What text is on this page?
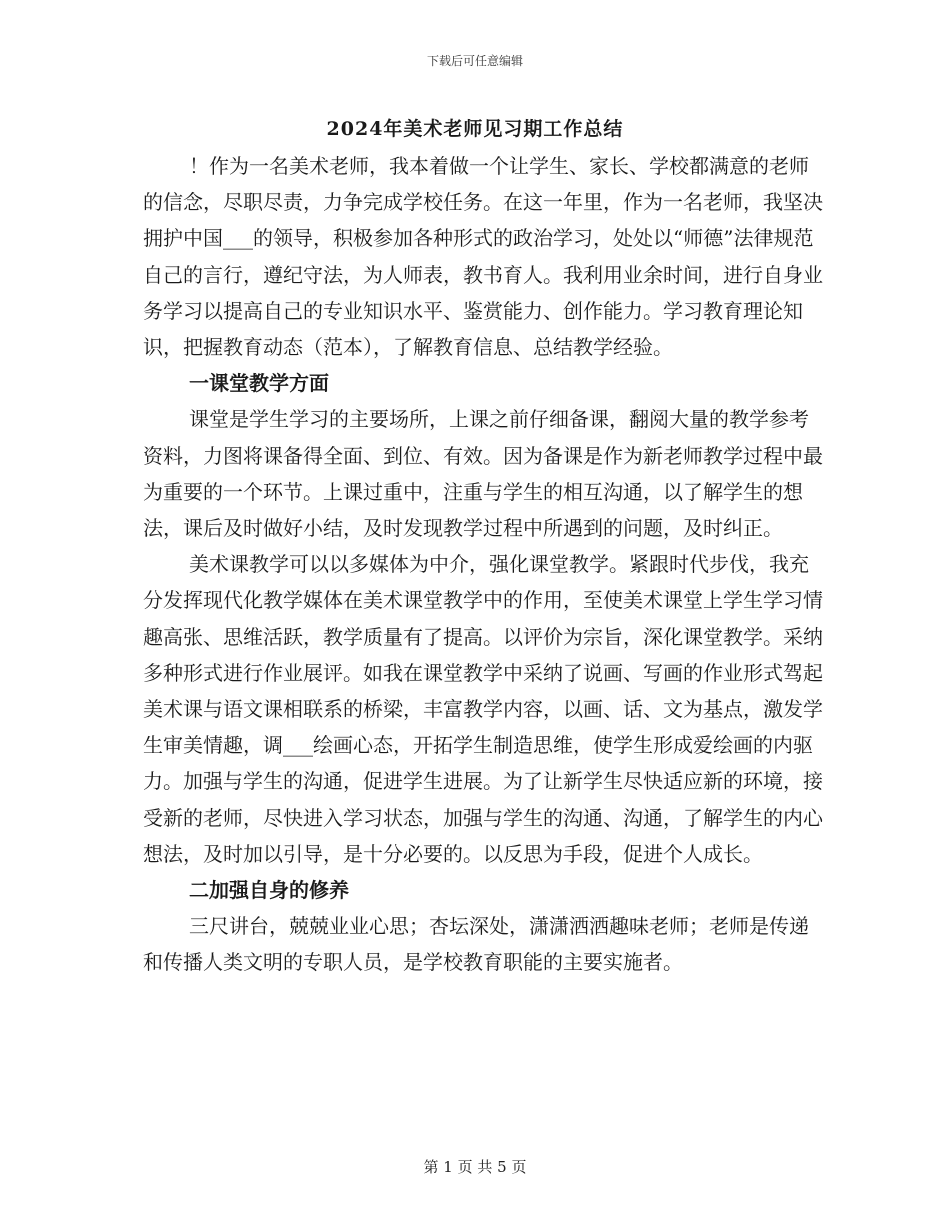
下载后可任意编辑
2024年美术老师见习期工作总结

！作为一名美术老师，我本着做一个让学生、家长、学校都满意的老师的信念，尽职尽责，力争完成学校任务。在这一年里，作为一名老师，我坚决拥护中国___的领导，积极参加各种形式的政治学习，处处以“师德”法律规范自己的言行，遵纪守法，为人师表，教书育人。我利用业余时间，进行自身业务学习以提高自己的专业知识水平、鉴赏能力、创作能力。学习教育理论知识，把握教育动态（范本），了解教育信息、总结教学经验。

一课堂教学方面

课堂是学生学习的主要场所，上课之前仔细备课，翻阅大量的教学参考资料，力图将课备得全面、到位、有效。因为备课是作为新老师教学过程中最为重要的一个环节。上课过重中，注重与学生的相互沟通，以了解学生的想法，课后及时做好小结，及时发现教学过程中所遇到的问题，及时纠正。

美术课教学可以以多媒体为中介，强化课堂教学。紧跟时代步伐，我充分发挥现代化教学媒体在美术课堂教学中的作用，至使美术课堂上学生学习情趣高张、思维活跃，教学质量有了提高。以评价为宗旨，深化课堂教学。采纳多种形式进行作业展评。如我在课堂教学中采纳了说画、写画的作业形式驾起美术课与语文课相联系的桥梁，丰富教学内容，以画、话、文为基点，激发学生审美情趣，调___绘画心态，开拓学生制造思维，使学生形成爱绘画的内驱力。加强与学生的沟通，促进学生进展。为了让新学生尽快适应新的环境，接受新的老师，尽快进入学习状态，加强与学生的沟通、沟通，了解学生的内心想法，及时加以引导，是十分必要的。以反思为手段，促进个人成长。

二加强自身的修养

三尺讲台，兢兢业业心思；杏坛深处，潇潇洒洒趣味老师；老师是传递和传播人类文明的专职人员，是学校教育职能的主要实施者。

第 1 页 共 5 页
